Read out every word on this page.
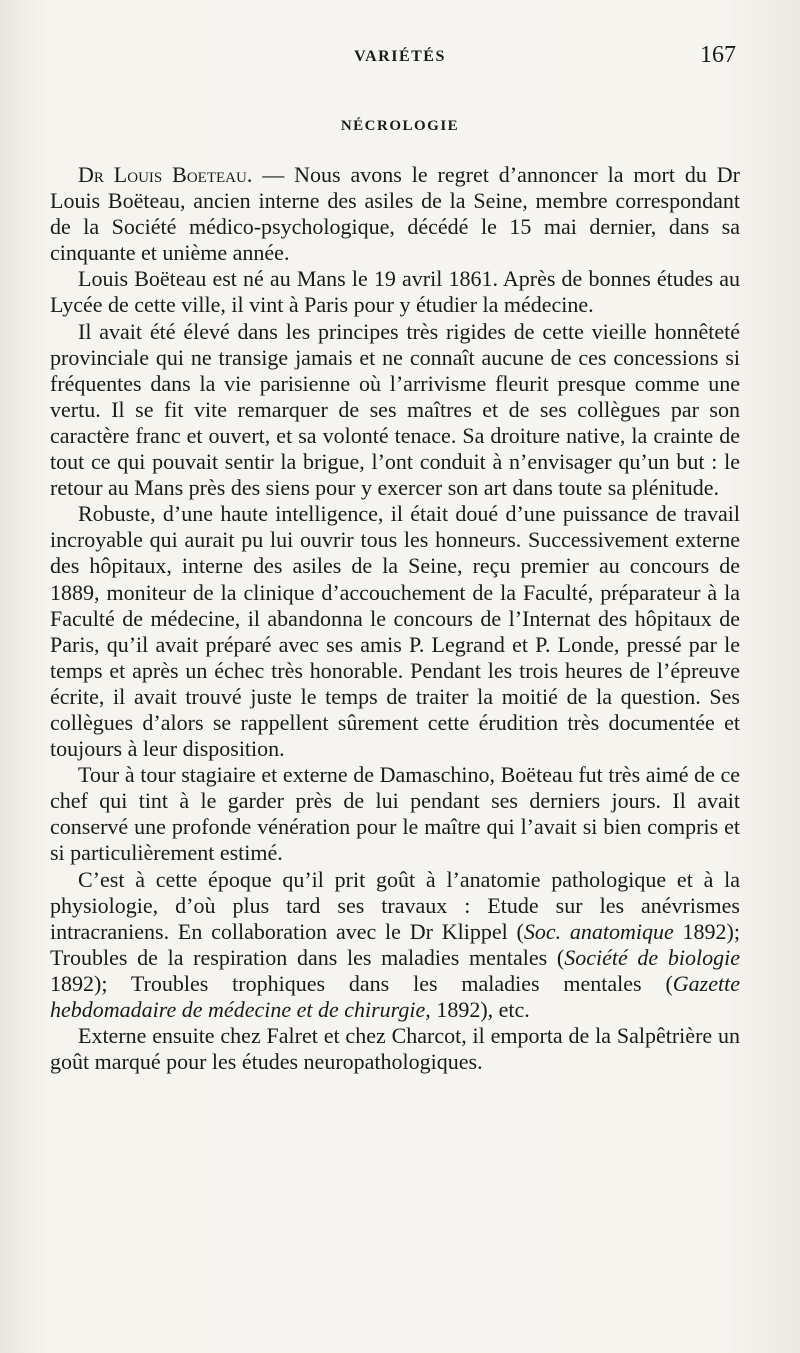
VARIÉTÉS	167
NÉCROLOGIE

Dr Louis Boeteau. — Nous avons le regret d’annoncer la mort du Dr Louis Boëteau, ancien interne des asiles de la Seine, membre correspondant de la Société médico-psychologique, décédé le 15 mai dernier, dans sa cinquante et unième année.

Louis Boëteau est né au Mans le 19 avril 1861. Après de bonnes études au Lycée de cette ville, il vint à Paris pour y étudier la médecine.

Il avait été élevé dans les principes très rigides de cette vieille honnêteté provinciale qui ne transige jamais et ne connaît aucune de ces concessions si fréquentes dans la vie parisienne où l’arrivisme fleurit presque comme une vertu. Il se fit vite remarquer de ses maîtres et de ses collègues par son caractère franc et ouvert, et sa volonté tenace. Sa droiture native, la crainte de tout ce qui pouvait sentir la brigue, l’ont conduit à n’envisager qu’un but : le retour au Mans près des siens pour y exercer son art dans toute sa plénitude.

Robuste, d’une haute intelligence, il était doué d’une puissance de travail incroyable qui aurait pu lui ouvrir tous les honneurs. Successivement externe des hôpitaux, interne des asiles de la Seine, reçu premier au concours de 1889, moniteur de la clinique d’accouchement de la Faculté, préparateur à la Faculté de médecine, il abandonna le concours de l’Internat des hôpitaux de Paris, qu’il avait préparé avec ses amis P. Legrand et P. Londe, pressé par le temps et après un échec très honorable. Pendant les trois heures de l’épreuve écrite, il avait trouvé juste le temps de traiter la moitié de la question. Ses collègues d’alors se rappellent sûrement cette érudition très documentée et toujours à leur disposition.

Tour à tour stagiaire et externe de Damaschino, Boëteau fut très aimé de ce chef qui tint à le garder près de lui pendant ses derniers jours. Il avait conservé une profonde vénération pour le maître qui l’avait si bien compris et si particulièrement estimé.

C’est à cette époque qu’il prit goût à l’anatomie pathologique et à la physiologie, d’où plus tard ses travaux : Etude sur les anévrismes intracraniens. En collaboration avec le Dr Klippel (Soc. anatomique 1892); Troubles de la respiration dans les maladies mentales (Société de biologie 1892); Troubles trophiques dans les maladies mentales (Gazette hebdomadaire de médecine et de chirurgie, 1892), etc.

Externe ensuite chez Falret et chez Charcot, il emporta de la Salpêtrière un goût marqué pour les études neuropathologiques.
